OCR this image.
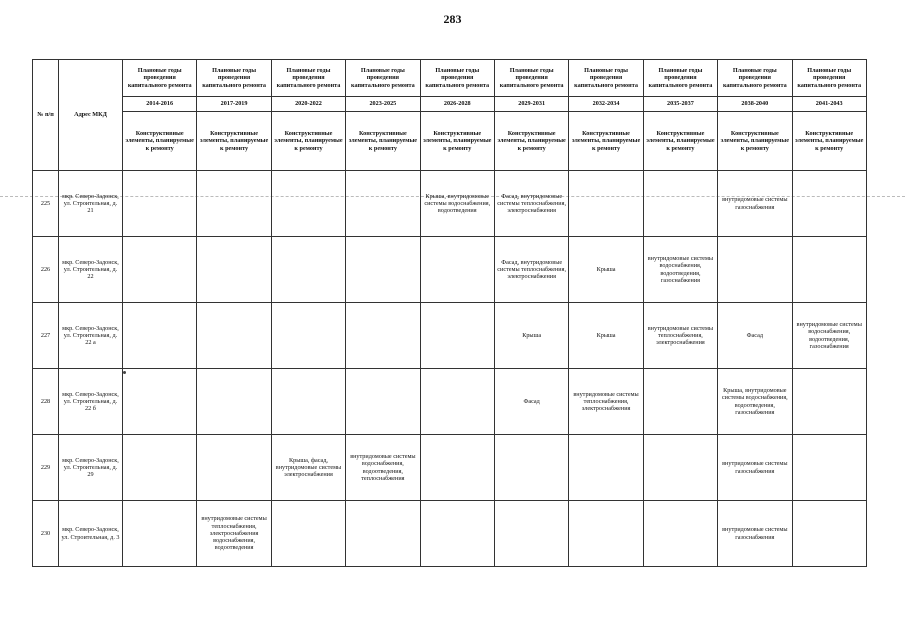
283
№ п/п	Адрес МКД	Плановые годы проведения капитального ремонта	Плановые годы проведения капитального ремонта	Плановые годы проведения капитального ремонта	Плановые годы проведения капитального ремонта	Плановые годы проведения капитального ремонта	Плановые годы проведения капитального ремонта	Плановые годы проведения капитального ремонта	Плановые годы проведения капитального ремонта	Плановые годы проведения капитального ремонта	Плановые годы проведения капитального ремонта
		2014-2016	2017-2019	2020-2022	2023-2025	2026-2028	2029-2031	2032-2034	2035-2037	2038-2040	2041-2043
		Конструктивные элементы, планируемые к ремонту	Конструктивные элементы, планируемые к ремонту	Конструктивные элементы, планируемые к ремонту	Конструктивные элементы, планируемые к ремонту	Конструктивные элементы, планируемые к ремонту	Конструктивные элементы, планируемые к ремонту	Конструктивные элементы, планируемые к ремонту	Конструктивные элементы, планируемые к ремонту	Конструктивные элементы, планируемые к ремонту	Конструктивные элементы, планируемые к ремонту
225	мкр. Северо-Задонск, ул. Строительная, д. 21					Крыша, внутридомовые системы водоснабжения, водоотведения	Фасад, внутридомовые системы теплоснабжения, электроснабжения			внутридомовые системы газоснабжения	
226	мкр. Северо-Задонск, ул. Строительная, д. 22						Фасад, внутридомовые системы теплоснабжения, электроснабжения	Крыша	внутридомовые системы водоснабжения, водоотведения, газоснабжения		
227	мкр. Северо-Задонск, ул. Строительная, д. 22 а						Крыша	Крыша	внутридомовые системы теплоснабжения, электроснабжения	Фасад	внутридомовые системы водоснабжения, водоотведения, газоснабжения
228	мкр. Северо-Задонск, ул. Строительная, д. 22 б						Фасад	внутридомовые системы теплоснабжения, электроснабжения		Крыша, внутридомовые системы водоснабжения, водоотведения, газоснабжения	
229	мкр. Северо-Задонск, ул. Строительная, д. 29			Крыша, фасад, внутридомовые системы электроснабжения	внутридомовые системы водоснабжения, водоотведения, теплоснабжения					внутридомовые системы газоснабжения	
230	мкр. Северо-Задонск, ул. Строительная, д. 3		внутридомовые системы теплоснабжения, электроснабжения водоснабжения, водоотведения							внутридомовые системы газоснабжения	
